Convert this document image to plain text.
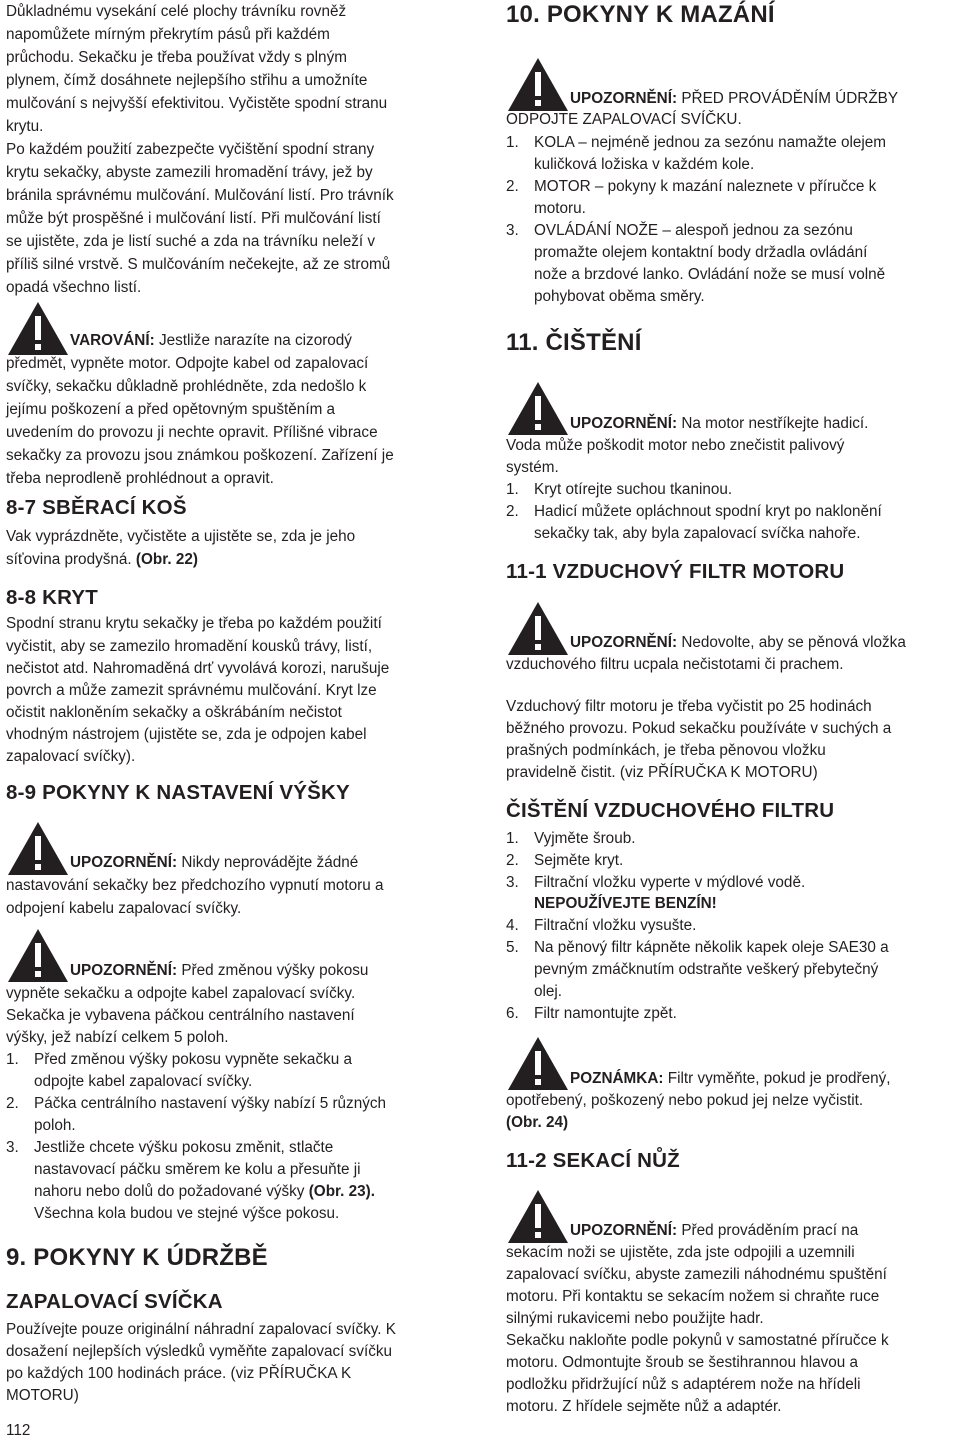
Důkladnému vysekání celé plochy trávníku rovněž
napomůžete mírným překrytím pásů při každém
průchodu. Sekačku je třeba používat vždy s plným
plynem, čímž dosáhnete nejlepšího střihu a umožníte
mulčování s nejvyšší efektivitou. Vyčistěte spodní stranu
krytu.
Po každém použití zabezpečte vyčištění spodní strany
krytu sekačky, abyste zamezili hromadění trávy, jež by
bránila správnému mulčování. Mulčování listí. Pro trávník
může být prospěšné i mulčování listí. Při mulčování listí
se ujistěte, zda je listí suché a zda na trávníku neleží v
příliš silné vrstvě. S mulčováním nečekejte, až ze stromů
opadá všechno listí.
VAROVÁNÍ: Jestliže narazíte na cizorodý
předmět, vypněte motor. Odpojte kabel od zapalovací
svíčky, sekačku důkladně prohlédněte, zda nedošlo k
jejímu poškození a před opětovným spuštěním a
uvedením do provozu ji nechte opravit. Přílišné vibrace
sekačky za provozu jsou známkou poškození. Zařízení je
třeba neprodleně prohlédnout a opravit.
8-7 SBĚRACÍ KOŠ
Vak vyprázdněte, vyčistěte a ujistěte se, zda je jeho
síťovina prodyšná. (Obr. 22)
8-8 KRYT
Spodní stranu krytu sekačky je třeba po každém použití
vyčistit, aby se zamezilo hromadění kousků trávy, listí,
nečistot atd. Nahromaděná drť vyvolává korozi, narušuje
povrch a může zamezit správnému mulčování. Kryt lze
očistit nakloněním sekačky a oškrábáním nečistot
vhodným nástrojem (ujistěte se, zda je odpojen kabel
zapalovací svíčky).
8-9 POKYNY K NASTAVENÍ VÝŠKY
UPOZORNĚNÍ: Nikdy neprovádějte žádné
nastavování sekačky bez předchozího vypnutí motoru a
odpojení kabelu zapalovací svíčky.
UPOZORNĚNÍ: Před změnou výšky pokosu
vypněte sekačku a odpojte kabel zapalovací svíčky.
Sekačka je vybavena páčkou centrálního nastavení
výšky, jež nabízí celkem 5 poloh.
1. Před změnou výšky pokosu vypněte sekačku a
odpojte kabel zapalovací svíčky.
2. Páčka centrálního nastavení výšky nabízí 5 různých
poloh.
3. Jestliže chcete výšku pokosu změnit, stlačte
nastavovací páčku směrem ke kolu a přesuňte ji
nahoru nebo dolů do požadované výšky (Obr. 23).
Všechna kola budou ve stejné výšce pokosu.
9. POKYNY K ÚDRŽBĚ
ZAPALOVACÍ SVÍČKA
Používejte pouze originální náhradní zapalovací svíčky. K
dosažení nejlepších výsledků vyměňte zapalovací svíčku
po každých 100 hodinách práce. (viz PŘÍRUČKA K
MOTORU)
112
10. POKYNY K MAZÁNÍ
UPOZORNĚNÍ: PŘED PROVÁDĚNÍM ÚDRŽBY
ODPOJTE ZAPALOVACÍ SVÍČKU.
1. KOLA – nejméně jednou za sezónu namažte olejem
kuličková ložiska v každém kole.
2. MOTOR – pokyny k mazání naleznete v příručce k
motoru.
3. OVLÁDÁNÍ NOŽE – alespoň jednou za sezónu
promažte olejem kontaktní body držadla ovládání
nože a brzdové lanko. Ovládání nože se musí volně
pohybovat oběma směry.
11. ČIŠTĚNÍ
UPOZORNĚNÍ: Na motor nestříkejte hadicí.
Voda může poškodit motor nebo znečistit palivový
systém.
1. Kryt otírejte suchou tkaninou.
2. Hadicí můžete opláchnout spodní kryt po naklonění
sekačky tak, aby byla zapalovací svíčka nahoře.
11-1 VZDUCHOVÝ FILTR MOTORU
UPOZORNĚNÍ: Nedovolte, aby se pěnová vložka
vzduchového filtru ucpala nečistotami či prachem.
Vzduchový filtr motoru je třeba vyčistit po 25 hodinách
běžného provozu. Pokud sekačku používáte v suchých a
prašných podmínkách, je třeba pěnovou vložku
pravidelně čistit. (viz PŘÍRUČKA K MOTORU)
ČIŠTĚNÍ VZDUCHOVÉHO FILTRU
1. Vyjměte šroub.
2. Sejměte kryt.
3. Filtrační vložku vyperte v mýdlové vodě.
NEPOUŽÍVEJTE BENZÍN!
4. Filtrační vložku vysušte.
5. Na pěnový filtr kápněte několik kapek oleje SAE30 a
pevným zmáčknutím odstraňte veškerý přebytečný
olej.
6. Filtr namontujte zpět.
POZNÁMKA: Filtr vyměňte, pokud je prodřený,
opotřebený, poškozený nebo pokud jej nelze vyčistit.
(Obr. 24)
11-2 SEKACÍ NŮŽ
UPOZORNĚNÍ: Před prováděním prací na
sekacím noži se ujistěte, zda jste odpojili a uzemnili
zapalovací svíčku, abyste zamezili náhodnému spuštění
motoru. Při kontaktu se sekacím nožem si chraňte ruce
silnými rukavicemi nebo použijte hadr.
Sekačku nakloňte podle pokynů v samostatné příručce k
motoru. Odmontujte šroub se šestihrannou hlavou a
podložku přidržující nůž s adaptérem nože na hřídeli
motoru. Z hřídele sejměte nůž a adaptér.
